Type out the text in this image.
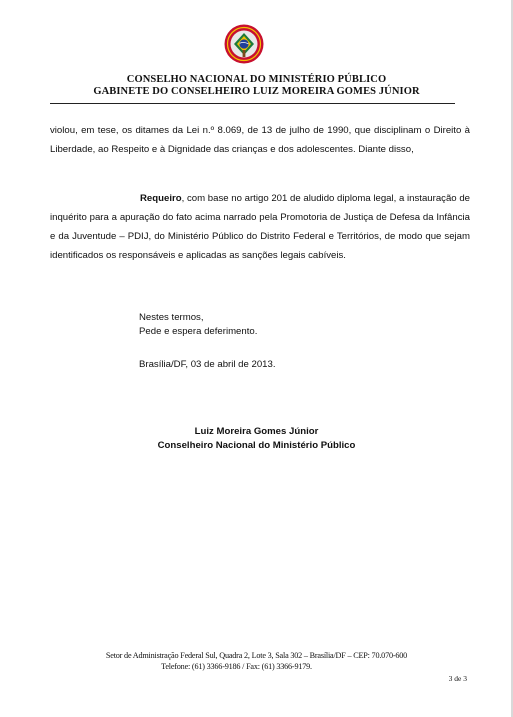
CONSELHO NACIONAL DO MINISTÉRIO PÚBLICO
GABINETE DO CONSELHEIRO LUIZ MOREIRA GOMES JÚNIOR
violou, em tese, os ditames da Lei n.º 8.069, de 13 de julho de 1990, que disciplinam o Direito à Liberdade, ao Respeito e à Dignidade das crianças e dos adolescentes. Diante disso,
Requeiro, com base no artigo 201 de aludido diploma legal, a instauração de inquérito para a apuração do fato acima narrado pela Promotoria de Justiça de Defesa da Infância e da Juventude – PDIJ, do Ministério Público do Distrito Federal e Territórios, de modo que sejam identificados os responsáveis e aplicadas as sanções legais cabíveis.
Nestes termos,
Pede e espera deferimento.
Brasília/DF, 03 de abril de 2013.
Luiz Moreira Gomes Júnior
Conselheiro Nacional do Ministério Público
Setor de Administração Federal Sul, Quadra 2, Lote 3, Sala 302 – Brasília/DF – CEP: 70.070-600
Telefone: (61) 3366-9186 / Fax: (61) 3366-9179.
3 de 3
